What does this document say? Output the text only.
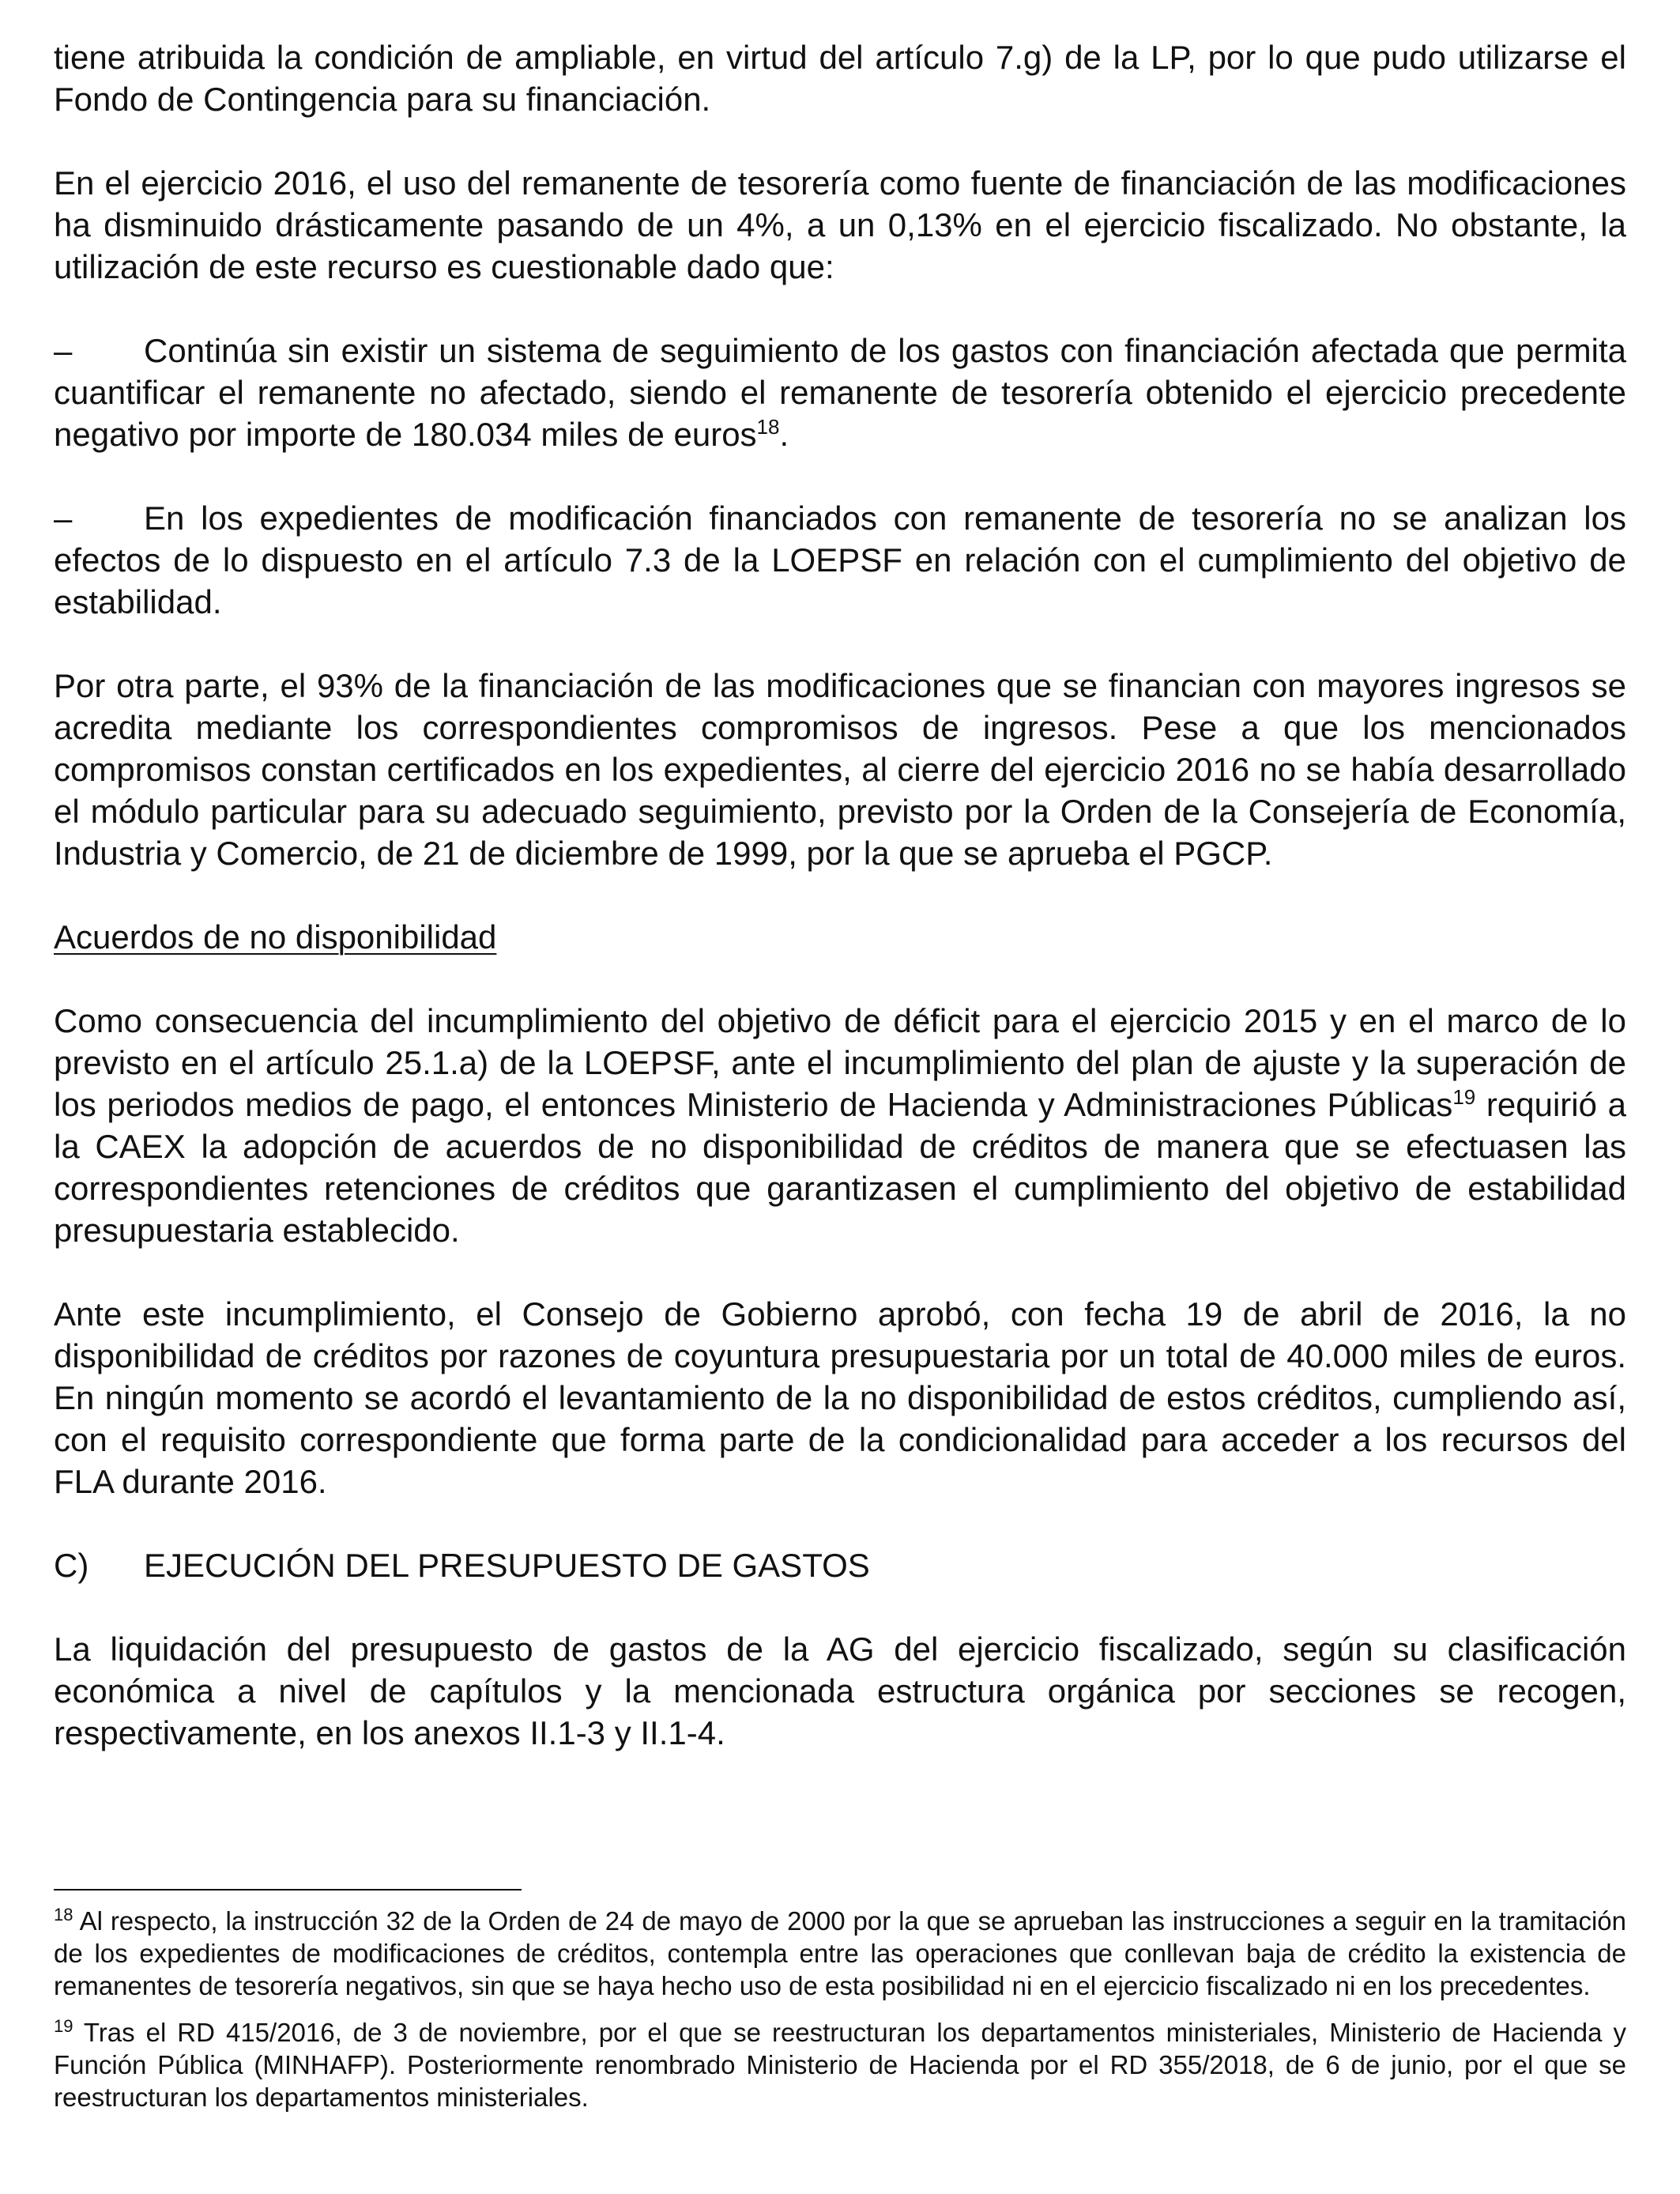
tiene atribuida la condición de ampliable, en virtud del artículo 7.g) de la LP, por lo que pudo utilizarse el Fondo de Contingencia para su financiación.

En el ejercicio 2016, el uso del remanente de tesorería como fuente de financiación de las modificaciones ha disminuido drásticamente pasando de un 4%, a un 0,13% en el ejercicio fiscalizado. No obstante, la utilización de este recurso es cuestionable dado que:

– Continúa sin existir un sistema de seguimiento de los gastos con financiación afectada que permita cuantificar el remanente no afectado, siendo el remanente de tesorería obtenido el ejercicio precedente negativo por importe de 180.034 miles de euros$^{18}$.

– En los expedientes de modificación financiados con remanente de tesorería no se analizan los efectos de lo dispuesto en el artículo 7.3 de la LOEPSF en relación con el cumplimiento del objetivo de estabilidad.

Por otra parte, el 93% de la financiación de las modificaciones que se financian con mayores ingresos se acredita mediante los correspondientes compromisos de ingresos. Pese a que los mencionados compromisos constan certificados en los expedientes, al cierre del ejercicio 2016 no se había desarrollado el módulo particular para su adecuado seguimiento, previsto por la Orden de la Consejería de Economía, Industria y Comercio, de 21 de diciembre de 1999, por la que se aprueba el PGCP.

Acuerdos de no disponibilidad

Como consecuencia del incumplimiento del objetivo de déficit para el ejercicio 2015 y en el marco de lo previsto en el artículo 25.1.a) de la LOEPSF, ante el incumplimiento del plan de ajuste y la superación de los periodos medios de pago, el entonces Ministerio de Hacienda y Administraciones Públicas$^{19}$ requirió a la CAEX la adopción de acuerdos de no disponibilidad de créditos de manera que se efectuasen las correspondientes retenciones de créditos que garantizasen el cumplimiento del objetivo de estabilidad presupuestaria establecido.

Ante este incumplimiento, el Consejo de Gobierno aprobó, con fecha 19 de abril de 2016, la no disponibilidad de créditos por razones de coyuntura presupuestaria por un total de 40.000 miles de euros. En ningún momento se acordó el levantamiento de la no disponibilidad de estos créditos, cumpliendo así, con el requisito correspondiente que forma parte de la condicionalidad para acceder a los recursos del FLA durante 2016.

C) EJECUCIÓN DEL PRESUPUESTO DE GASTOS

La liquidación del presupuesto de gastos de la AG del ejercicio fiscalizado, según su clasificación económica a nivel de capítulos y la mencionada estructura orgánica por secciones se recogen, respectivamente, en los anexos II.1-3 y II.1-4.

$^{18}$ Al respecto, la instrucción 32 de la Orden de 24 de mayo de 2000 por la que se aprueban las instrucciones a seguir en la tramitación de los expedientes de modificaciones de créditos, contempla entre las operaciones que conllevan baja de crédito la existencia de remanentes de tesorería negativos, sin que se haya hecho uso de esta posibilidad ni en el ejercicio fiscalizado ni en los precedentes.

$^{19}$ Tras el RD 415/2016, de 3 de noviembre, por el que se reestructuran los departamentos ministeriales, Ministerio de Hacienda y Función Pública (MINHAFP). Posteriormente renombrado Ministerio de Hacienda por el RD 355/2018, de 6 de junio, por el que se reestructuran los departamentos ministeriales.
